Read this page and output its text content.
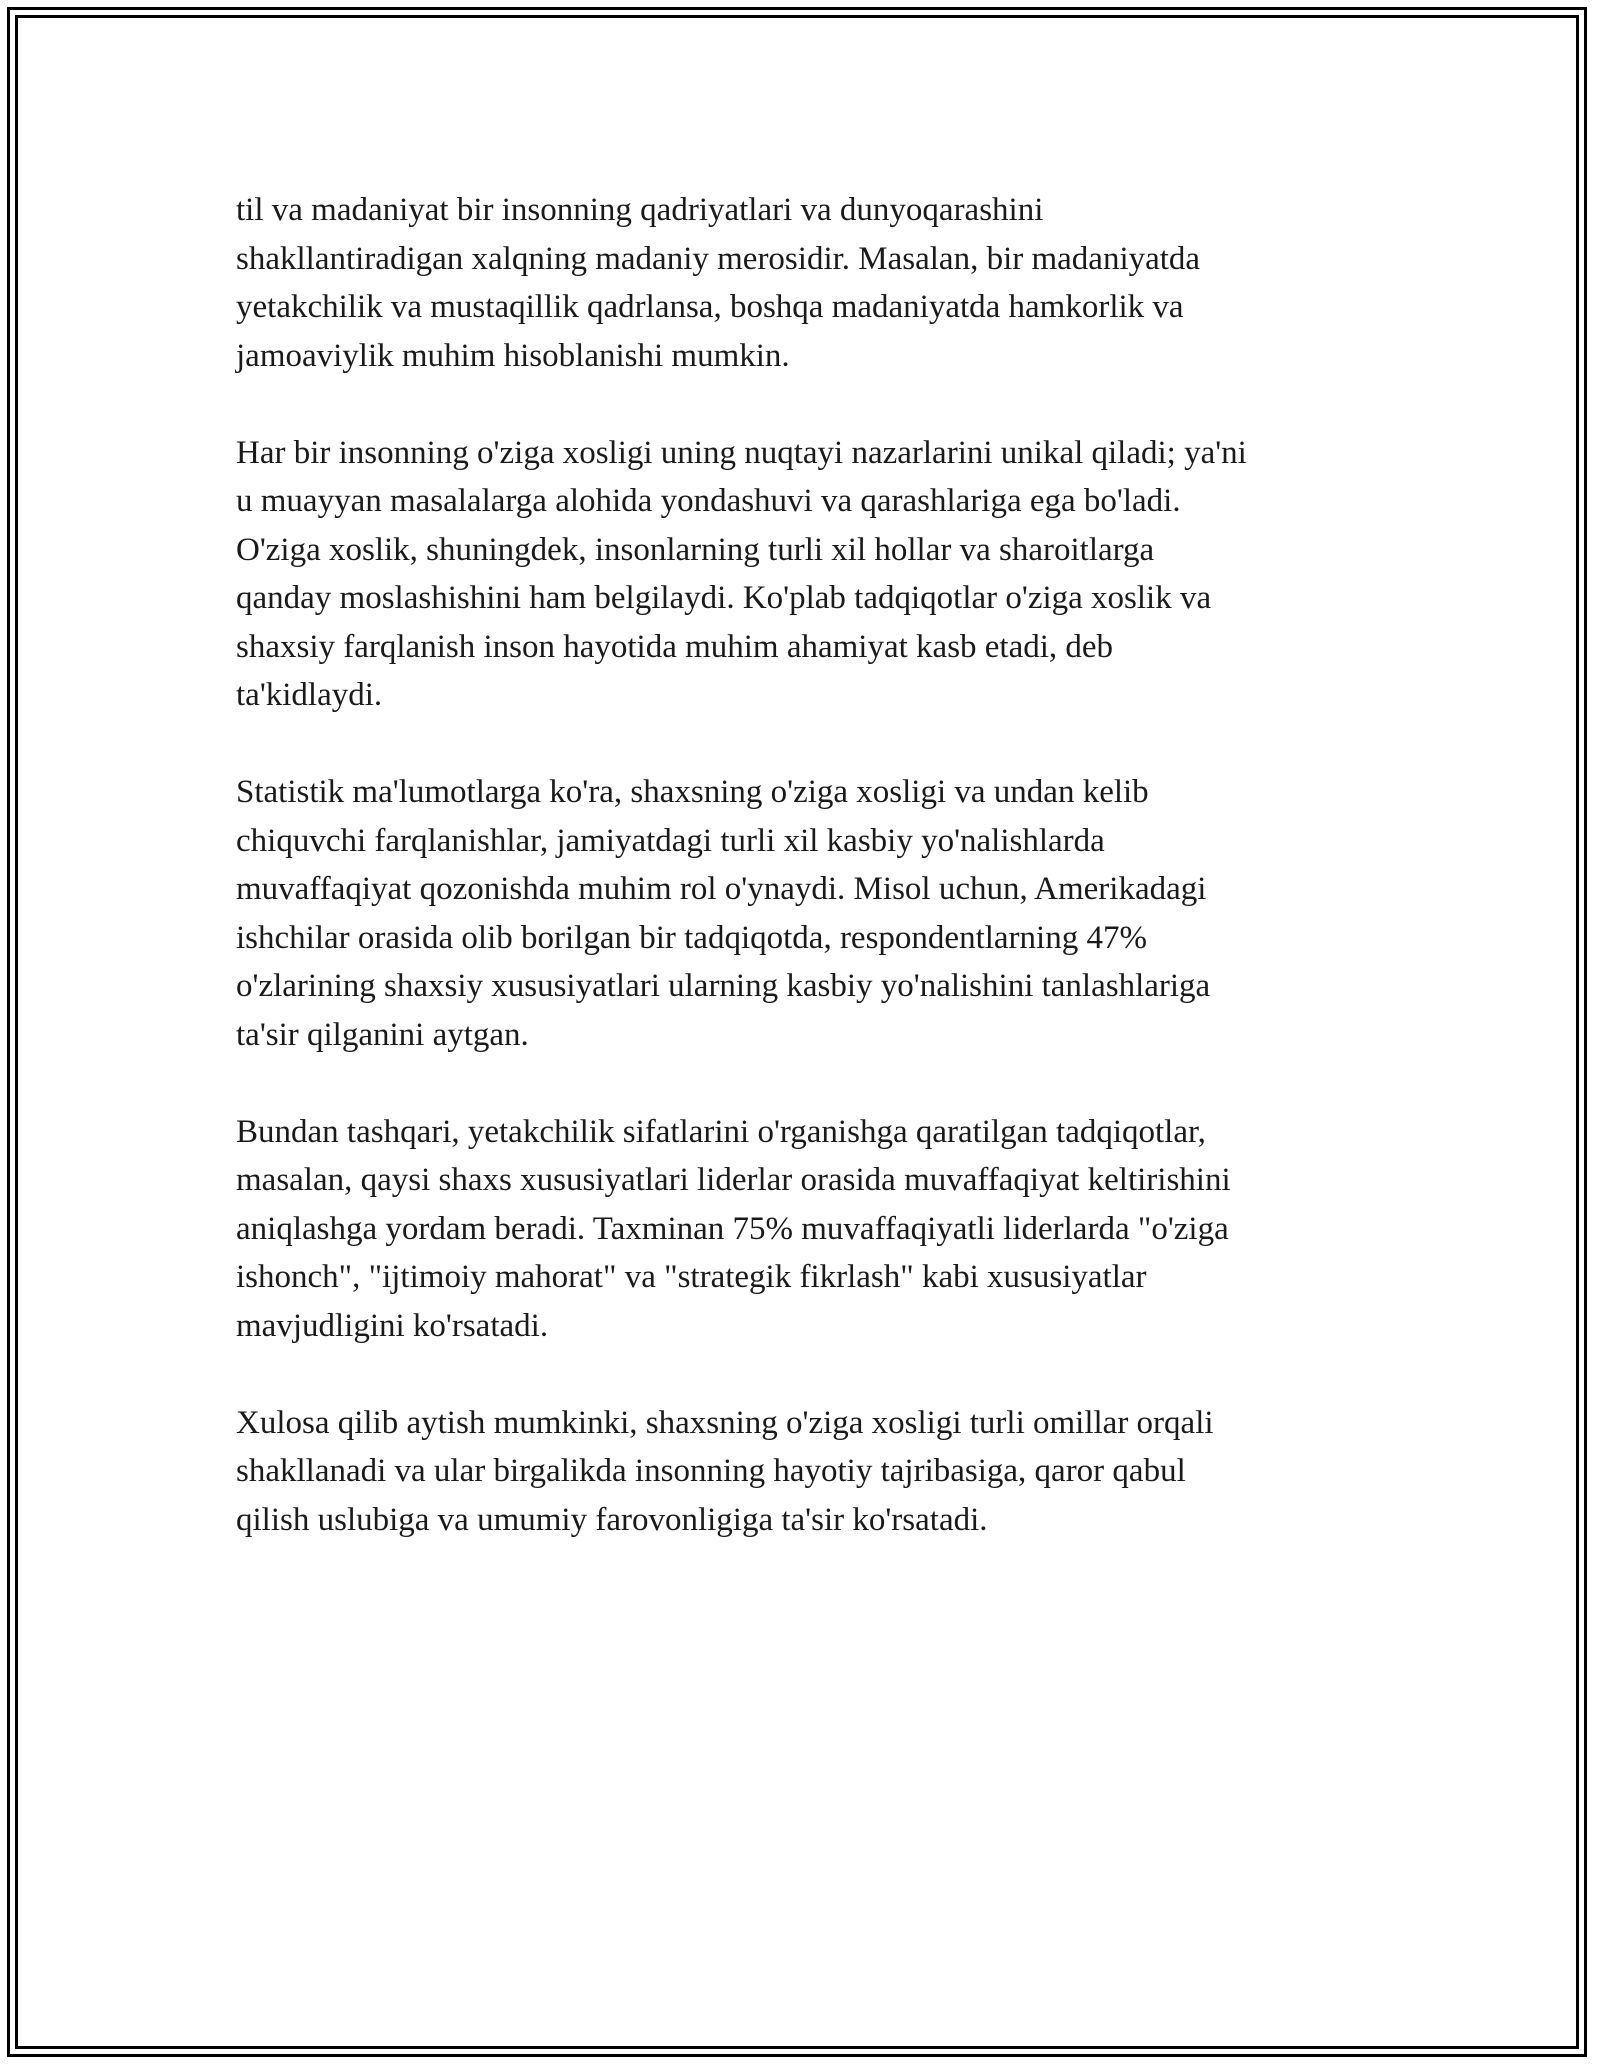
til va madaniyat bir insonning qadriyatlari va dunyoqarashini
shakllantiradigan xalqning madaniy merosidir. Masalan, bir madaniyatda
yetakchilik va mustaqillik qadrlansa, boshqa madaniyatda hamkorlik va
jamoaviylik muhim hisoblanishi mumkin.

Har bir insonning o'ziga xosligi uning nuqtayi nazarlarini unikal qiladi; ya'ni
u muayyan masalalarga alohida yondashuvi va qarashlariga ega bo'ladi.
O'ziga xoslik, shuningdek, insonlarning turli xil hollar va sharoitlarga
qanday moslashishini ham belgilaydi. Ko'plab tadqiqotlar o'ziga xoslik va
shaxsiy farqlanish inson hayotida muhim ahamiyat kasb etadi, deb
ta'kidlaydi.

Statistik ma'lumotlarga ko'ra, shaxsning o'ziga xosligi va undan kelib
chiquvchi farqlanishlar, jamiyatdagi turli xil kasbiy yo'nalishlarda
muvaffaqiyat qozonishda muhim rol o'ynaydi. Misol uchun, Amerikadagi
ishchilar orasida olib borilgan bir tadqiqotda, respondentlarning 47%
o'zlarining shaxsiy xususiyatlari ularning kasbiy yo'nalishini tanlashlariga
ta'sir qilganini aytgan.

Bundan tashqari, yetakchilik sifatlarini o'rganishga qaratilgan tadqiqotlar,
masalan, qaysi shaxs xususiyatlari liderlar orasida muvaffaqiyat keltirishini
aniqlashga yordam beradi. Taxminan 75% muvaffaqiyatli liderlarda "o'ziga
ishonch", "ijtimoiy mahorat" va "strategik fikrlash" kabi xususiyatlar
mavjudligini ko'rsatadi.

Xulosa qilib aytish mumkinki, shaxsning o'ziga xosligi turli omillar orqali
shakllanadi va ular birgalikda insonning hayotiy tajribasiga, qaror qabul
qilish uslubiga va umumiy farovonligiga ta'sir ko'rsatadi.
